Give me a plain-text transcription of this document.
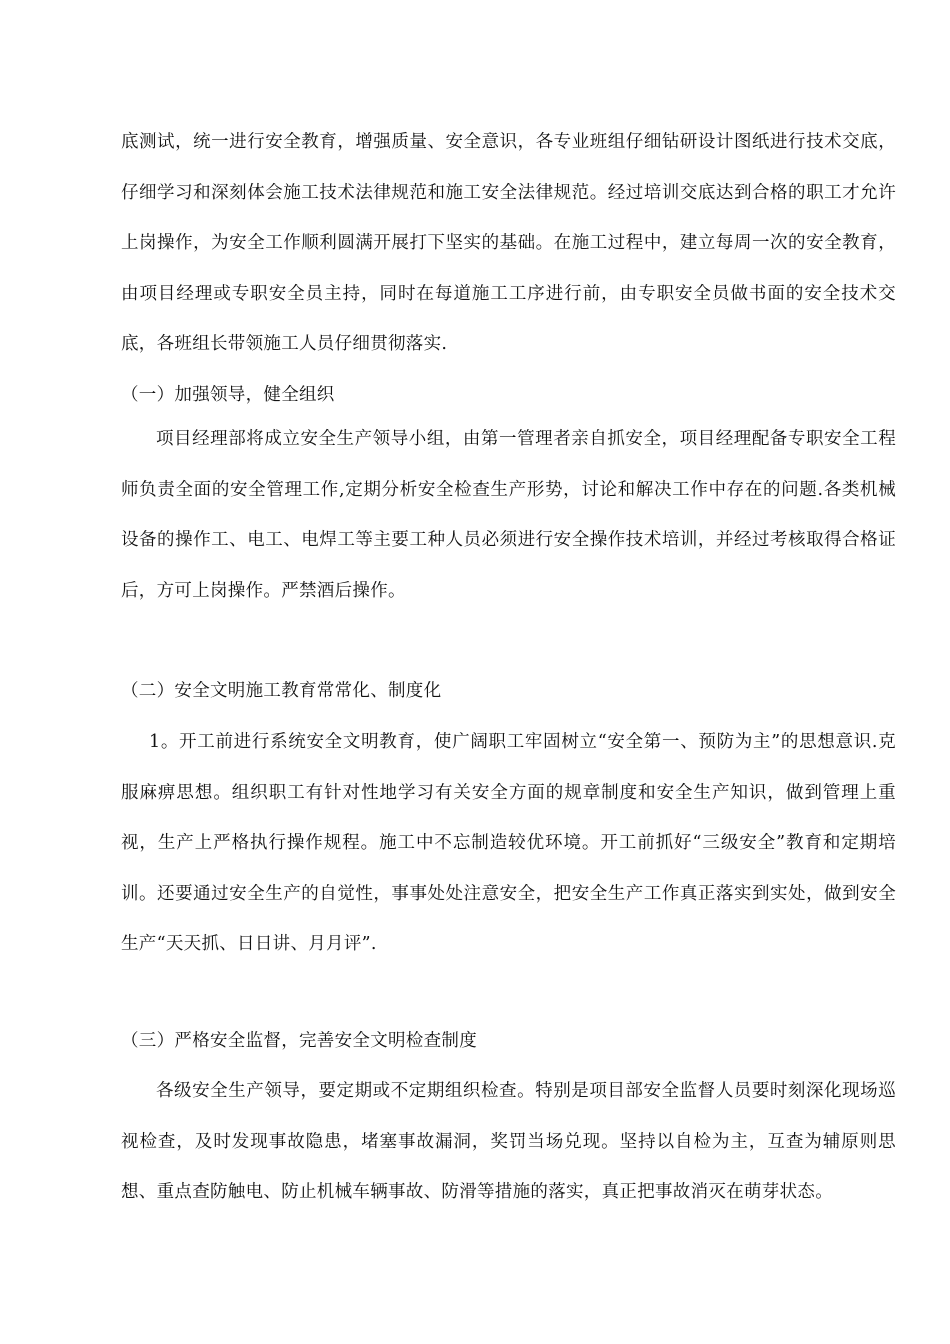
底测试，统一进行安全教育，增强质量、安全意识，各专业班组仔细钻研设计图纸进行技术交底，仔细学习和深刻体会施工技术法律规范和施工安全法律规范。经过培训交底达到合格的职工才允许上岗操作，为安全工作顺利圆满开展打下坚实的基础。在施工过程中，建立每周一次的安全教育，由项目经理或专职安全员主持，同时在每道施工工序进行前，由专职安全员做书面的安全技术交底，各班组长带领施工人员仔细贯彻落实.

（一）加强领导，健全组织

项目经理部将成立安全生产领导小组，由第一管理者亲自抓安全，项目经理配备专职安全工程师负责全面的安全管理工作,定期分析安全检查生产形势，讨论和解决工作中存在的问题.各类机械设备的操作工、电工、电焊工等主要工种人员必须进行安全操作技术培训，并经过考核取得合格证后，方可上岗操作。严禁酒后操作。

（二）安全文明施工教育常常化、制度化

1。开工前进行系统安全文明教育，使广阔职工牢固树立“安全第一、预防为主”的思想意识.克服麻痹思想。组织职工有针对性地学习有关安全方面的规章制度和安全生产知识，做到管理上重视，生产上严格执行操作规程。施工中不忘制造较优环境。开工前抓好“三级安全”教育和定期培训。还要通过安全生产的自觉性，事事处处注意安全，把安全生产工作真正落实到实处，做到安全生产“天天抓、日日讲、月月评”.

（三）严格安全监督，完善安全文明检查制度

各级安全生产领导，要定期或不定期组织检查。特别是项目部安全监督人员要时刻深化现场巡视检查，及时发现事故隐患，堵塞事故漏洞，奖罚当场兑现。坚持以自检为主，互查为辅原则思想、重点查防触电、防止机械车辆事故、防滑等措施的落实，真正把事故消灭在萌芽状态。
